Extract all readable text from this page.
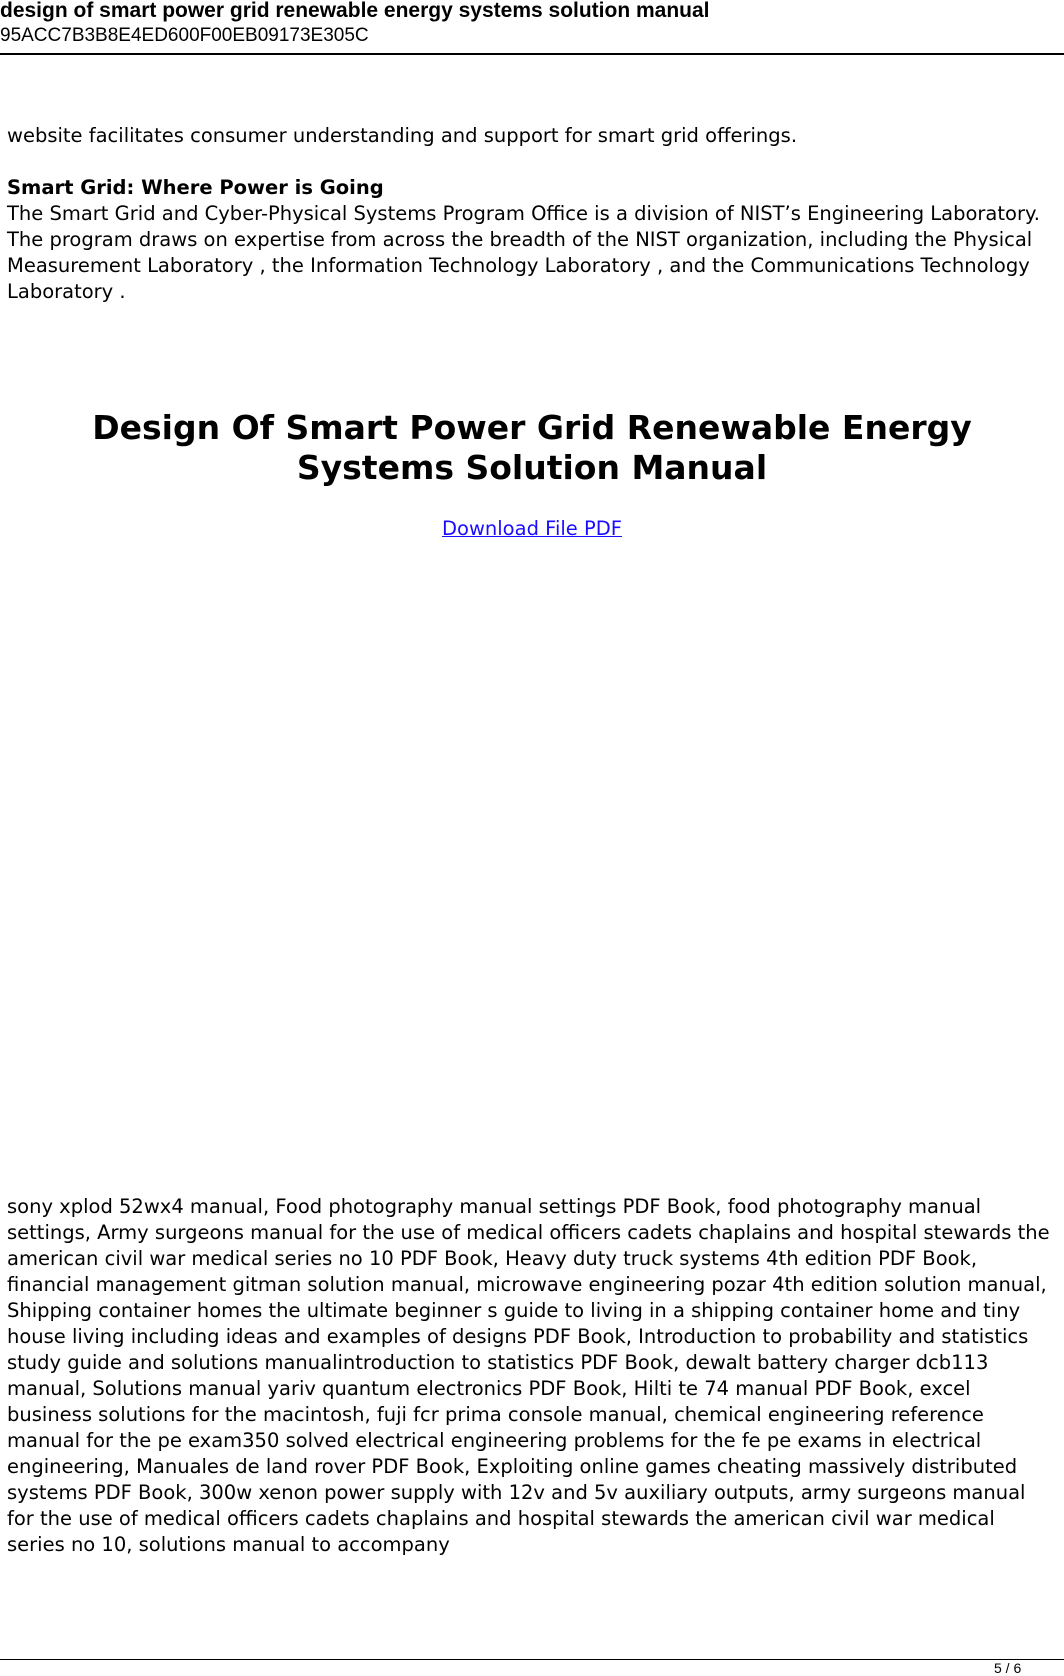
design of smart power grid renewable energy systems solution manual
95ACC7B3B8E4ED600F00EB09173E305C

website facilitates consumer understanding and support for smart grid offerings.

Smart Grid: Where Power is Going

The Smart Grid and Cyber-Physical Systems Program Office is a division of NIST’s Engineering Laboratory. The program draws on expertise from across the breadth of the NIST organization, including the Physical Measurement Laboratory , the Information Technology Laboratory , and the Communications Technology Laboratory .

Design Of Smart Power Grid Renewable Energy
Systems Solution Manual
Download File PDF
sony xplod 52wx4 manual, Food photography manual settings PDF Book, food photography manual settings, Army surgeons manual for the use of medical officers cadets chaplains and hospital stewards the american civil war medical series no 10 PDF Book, Heavy duty truck systems 4th edition PDF Book, financial management gitman solution manual, microwave engineering pozar 4th edition solution manual, Shipping container homes the ultimate beginner s guide to living in a shipping container home and tiny house living including ideas and examples of designs PDF Book, Introduction to probability and statistics study guide and solutions manualintroduction to statistics PDF Book, dewalt battery charger dcb113 manual, Solutions manual yariv quantum electronics PDF Book, Hilti te 74 manual PDF Book, excel business solutions for the macintosh, fuji fcr prima console manual, chemical engineering reference manual for the pe exam350 solved electrical engineering problems for the fe pe exams in electrical engineering, Manuales de land rover PDF Book, Exploiting online games cheating massively distributed systems PDF Book, 300w xenon power supply with 12v and 5v auxiliary outputs, army surgeons manual for the use of medical officers cadets chaplains and hospital stewards the american civil war medical series no 10, solutions manual to accompany
5 / 6
